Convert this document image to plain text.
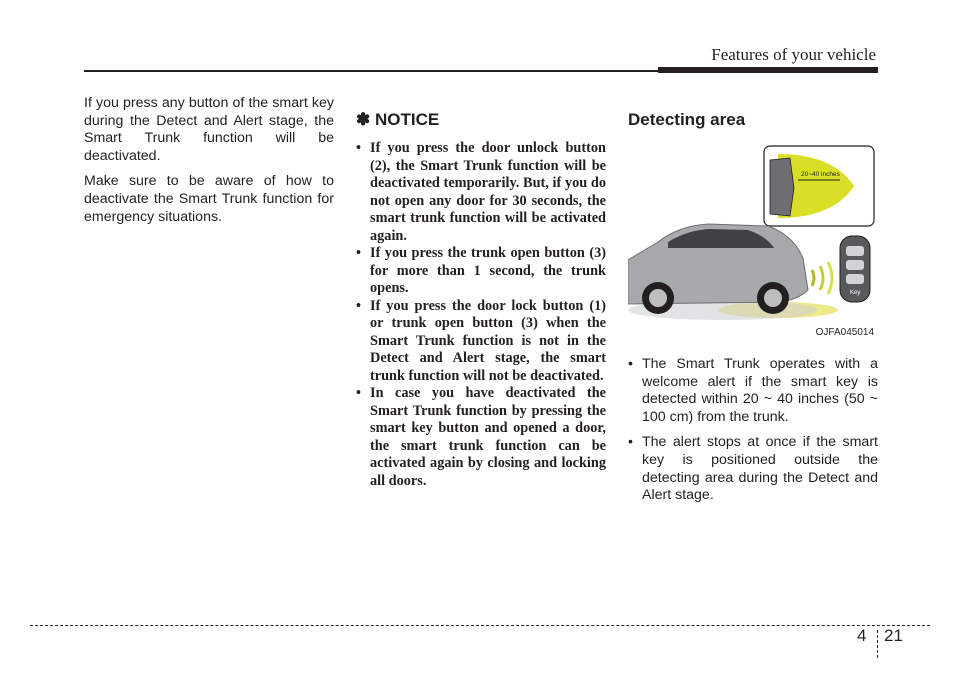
Features of your vehicle

If you press any button of the smart key during the Detect and Alert stage, the Smart Trunk function will be deactivated.

Make sure to be aware of how to deactivate the Smart Trunk function for emergency situations.

✽ NOTICE
• If you press the door unlock button (2), the Smart Trunk function will be deactivated temporarily. But, if you do not open any door for 30 seconds, the smart trunk function will be activated again.
• If you press the trunk open button (3) for more than 1 second, the trunk opens.
• If you press the door lock button (1) or trunk open button (3) when the Smart Trunk function is not in the Detect and Alert stage, the smart trunk function will not be deactivated.
• In case you have deactivated the Smart Trunk function by pressing the smart key button and opened a door, the smart trunk function can be activated again by closing and locking all doors.
Detecting area
20~40 inches
Key
OJFA045014
• The Smart Trunk operates with a welcome alert if the smart key is detected within 20 ~ 40 inches (50 ~ 100 cm) from the trunk.
• The alert stops at once if the smart key is positioned outside the detecting area during the Detect and Alert stage.
4 21
